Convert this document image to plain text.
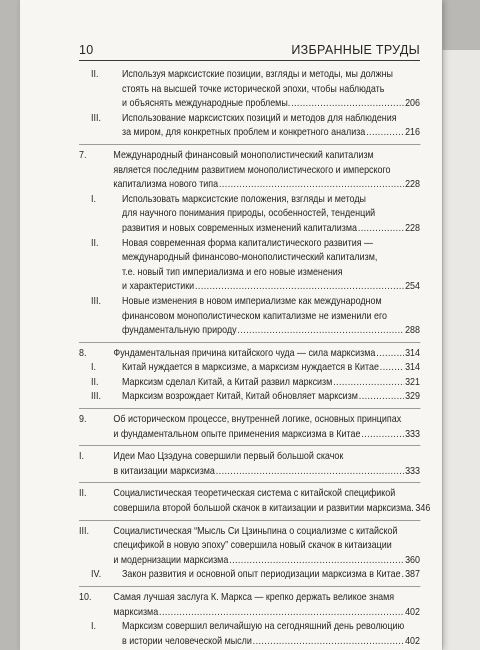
10	ИЗБРАННЫЕ ТРУДЫ
II. Используя марксистские позиции, взгляды и методы, мы должны
стоять на высшей точке исторической эпохи, чтобы наблюдать
и объяснять международные проблемы. .....	206
III. Использование марксистских позиций и методов для наблюдения
за миром, для конкретных проблем и конкретного анализа .....	216
7.	Международный финансовый монополистический капитализм
является последним развитием монополистического и имперского
капитализма нового типа .....	228
I. Использовать марксистские положения, взгляды и методы
для научного понимания природы, особенностей, тенденций
развития и новых современных изменений капитализма .....	228
II. Новая современная форма капиталистического развития —
международный финансово-монополистический капитализм,
т.е. новый тип империализма и его новые изменения
и характеристики .....	254
III. Новые изменения в новом империализме как международном
финансовом монополистическом капитализме не изменили его
фундаментальную природу .....	288
8.	Фундаментальная причина китайского чуда — сила марксизма .....	314
I. Китай нуждается в марксизме, а марксизм нуждается в Китае .....	314
II. Марксизм сделал Китай, а Китай развил марксизм .....	321
III. Марксизм возрождает Китай, Китай обновляет марксизм .....	329
9.	Об историческом процессе, внутренней логике, основных принципах
и фундаментальном опыте применения марксизма в Китае .....	333
I.	Идеи Мао Цзэдуна совершили первый большой скачок
в китаизации марксизма .....	333
II.	Социалистическая теоретическая система с китайской спецификой
совершила второй большой скачок в китаизации и развитии марксизма. 346
III. Социалистическая “Мысль Си Цзиньпина о социализме с китайской
спецификой в новую эпоху” совершила новый скачок в китаизации
и модернизации марксизма .....	360
IV. Закон развития и основной опыт периодизации марксизма в Китае ..... 387
10. Самая лучшая заслуга К. Маркса — крепко держать великое знамя
марксизма .....	402
I. Марксизм совершил величайшую на сегодняшний день революцию
в истории человеческой мысли .....	402
